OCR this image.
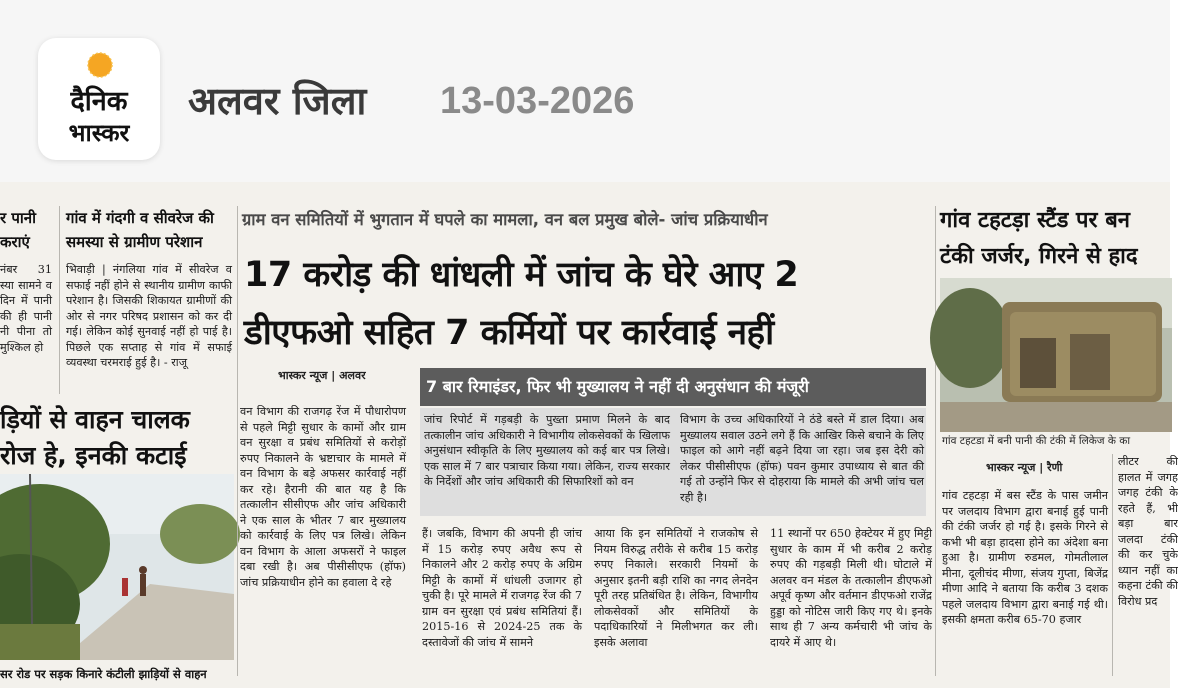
दैनिक
भास्कर
अलवर जिला 13-03-2026
र पानी कराएं
नंबर 31 स्या सामने व दिन में पानी की ही पानी नी पीना तो मुश्किल हो
ड़ियों से वाहन चालक रोज हे, इनकी कटाई
सर रोड पर सड़क किनारे कंटीली झाड़ियों से वाहन
गांव में गंदगी व सीवरेज की समस्या से ग्रामीण परेशान
भिवाड़ी | नंगलिया गांव में सीवरेज व सफाई नहीं होने से स्थानीय ग्रामीण काफी परेशान है। जिसकी शिकायत ग्रामीणों की ओर से नगर परिषद प्रशासन को कर दी गई। लेकिन कोई सुनवाई नहीं हो पाई है। पिछले एक सप्ताह से गांव में सफाई व्यवस्था चरमराई हुई है। - राजू
ग्राम वन समितियों में भुगतान में घपले का मामला, वन बल प्रमुख बोले- जांच प्रक्रियाधीन
17 करोड़ की धांधली में जांच के घेरे आए 2
डीएफओ सहित 7 कर्मियों पर कार्रवाई नहीं
भास्कर न्यूज | अलवर
7 बार रिमाइंडर, फिर भी मुख्यालय ने नहीं दी अनुसंधान की मंजूरी
वन विभाग की राजगढ़ रेंज में पौधारोपण से पहले मिट्टी सुधार के कामों और ग्राम वन सुरक्षा व प्रबंध समितियों से करोड़ों रुपए निकालने के भ्रष्टाचार के मामले में वन विभाग के बड़े अफसर कार्रवाई नहीं कर रहे। हैरानी की बात यह है कि तत्कालीन सीसीएफ और जांच अधिकारी ने एक साल के भीतर 7 बार मुख्यालय को कार्रवाई के लिए पत्र लिखे। लेकिन वन विभाग के आला अफसरों ने फाइल दबा रखी है। अब पीसीसीएफ (हॉफ) जांच प्रक्रियाधीन होने का हवाला दे रहे
जांच रिपोर्ट में गड़बड़ी के पुख्ता प्रमाण मिलने के बाद तत्कालीन जांच अधिकारी ने विभागीय लोकसेवकों के खिलाफ अनुसंधान स्वीकृति के लिए मुख्यालय को कई बार पत्र लिखे। एक साल में 7 बार पत्राचार किया गया। लेकिन, राज्य सरकार के निर्देशों और जांच अधिकारी की सिफारिशों को वन
विभाग के उच्च अधिकारियों ने ठंडे बस्ते में डाल दिया। अब मुख्यालय सवाल उठने लगे हैं कि आखिर किसे बचाने के लिए फाइल को आगे नहीं बढ़ने दिया जा रहा। जब इस देरी को लेकर पीसीसीएफ (हॉफ) पवन कुमार उपाध्याय से बात की गई तो उन्होंने फिर से दोहराया कि मामले की अभी जांच चल रही है।
हैं। जबकि, विभाग की अपनी ही जांच में 15 करोड़ रुपए अवैध रूप से निकालने और 2 करोड़ रुपए के अग्रिम मिट्टी के कामों में धांधली उजागर हो चुकी है। पूरे मामले में राजगढ़ रेंज की 7 ग्राम वन सुरक्षा एवं प्रबंध समितियां हैं। 2015-16 से 2024-25 तक के दस्तावेजों की जांच में सामने
आया कि इन समितियों ने राजकोष से नियम विरुद्ध तरीके से करीब 15 करोड़ रुपए निकाले। सरकारी नियमों के अनुसार इतनी बड़ी राशि का नगद लेनदेन पूरी तरह प्रतिबंधित है। लेकिन, विभागीय लोकसेवकों और समितियों के पदाधिकारियों ने मिलीभगत कर ली। इसके अलावा
11 स्थानों पर 650 हेक्टेयर में हुए मिट्टी सुधार के काम में भी करीब 2 करोड़ रुपए की गड़बड़ी मिली थी। घोटाले में अलवर वन मंडल के तत्कालीन डीएफओ अपूर्व कृष्ण और वर्तमान डीएफओ राजेंद्र हुड्डा को नोटिस जारी किए गए थे। इनके साथ ही 7 अन्य कर्मचारी भी जांच के दायरे में आए थे।
गांव टहटड़ा स्टैंड पर बन
टंकी जर्जर, गिरने से हाद
गांव टहटडा में बनी पानी की टंकी में लिकेज के का
भास्कर न्यूज | रैणी
गांव टहटड़ा में बस स्टैंड के पास जमीन पर जलदाय विभाग द्वारा बनाई हुई पानी की टंकी जर्जर हो गई है। इसके गिरने से कभी भी बड़ा हादसा होने का अंदेशा बना हुआ है। ग्रामीण रुडमल, गोमतीलाल मीना, दूलीचंद मीणा, संजय गुप्ता, बिजेंद्र मीणा आदि ने बताया कि करीब 3 दशक पहले जलदाय विभाग द्वारा बनाई गई थी। इसकी क्षमता करीब 65-70 हजार
लीटर की हालत में जगह जगह टंकी के रहते हैं, भी बड़ा बार जलदा टंकी की कर चुके ध्यान नहीं का कहना टंकी की विरोध प्रद
